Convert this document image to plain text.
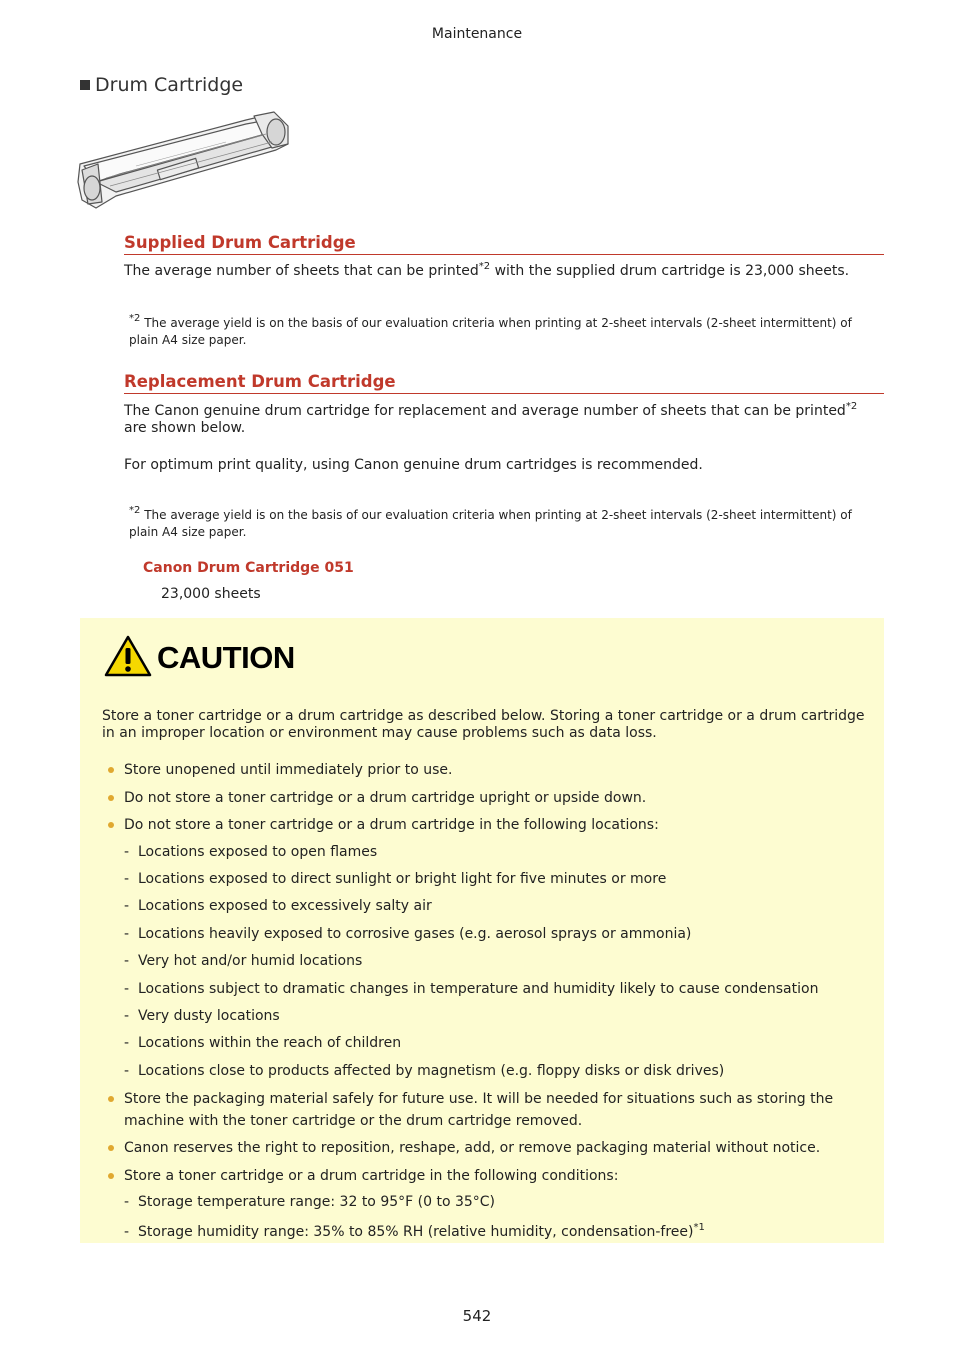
Maintenance
Drum Cartridge
Supplied Drum Cartridge
The average number of sheets that can be printed$^{*2}$ with the supplied drum cartridge is 23,000 sheets.
$^{*2}$ The average yield is on the basis of our evaluation criteria when printing at 2-sheet intervals (2-sheet intermittent) of plain A4 size paper.
Replacement Drum Cartridge
The Canon genuine drum cartridge for replacement and average number of sheets that can be printed$^{*2}$ are shown below.
For optimum print quality, using Canon genuine drum cartridges is recommended.
$^{*2}$ The average yield is on the basis of our evaluation criteria when printing at 2-sheet intervals (2-sheet intermittent) of plain A4 size paper.
Canon Drum Cartridge 051
23,000 sheets
CAUTION
Store a toner cartridge or a drum cartridge as described below. Storing a toner cartridge or a drum cartridge in an improper location or environment may cause problems such as data loss.
Store unopened until immediately prior to use.
Do not store a toner cartridge or a drum cartridge upright or upside down.
Do not store a toner cartridge or a drum cartridge in the following locations:
- Locations exposed to open flames
- Locations exposed to direct sunlight or bright light for five minutes or more
- Locations exposed to excessively salty air
- Locations heavily exposed to corrosive gases (e.g. aerosol sprays or ammonia)
- Very hot and/or humid locations
- Locations subject to dramatic changes in temperature and humidity likely to cause condensation
- Very dusty locations
- Locations within the reach of children
- Locations close to products affected by magnetism (e.g. floppy disks or disk drives)
Store the packaging material safely for future use. It will be needed for situations such as storing the machine with the toner cartridge or the drum cartridge removed.
Canon reserves the right to reposition, reshape, add, or remove packaging material without notice.
Store a toner cartridge or a drum cartridge in the following conditions:
- Storage temperature range: 32 to 95°F (0 to 35°C)
- Storage humidity range: 35% to 85% RH (relative humidity, condensation-free)$^{*1}$
542
